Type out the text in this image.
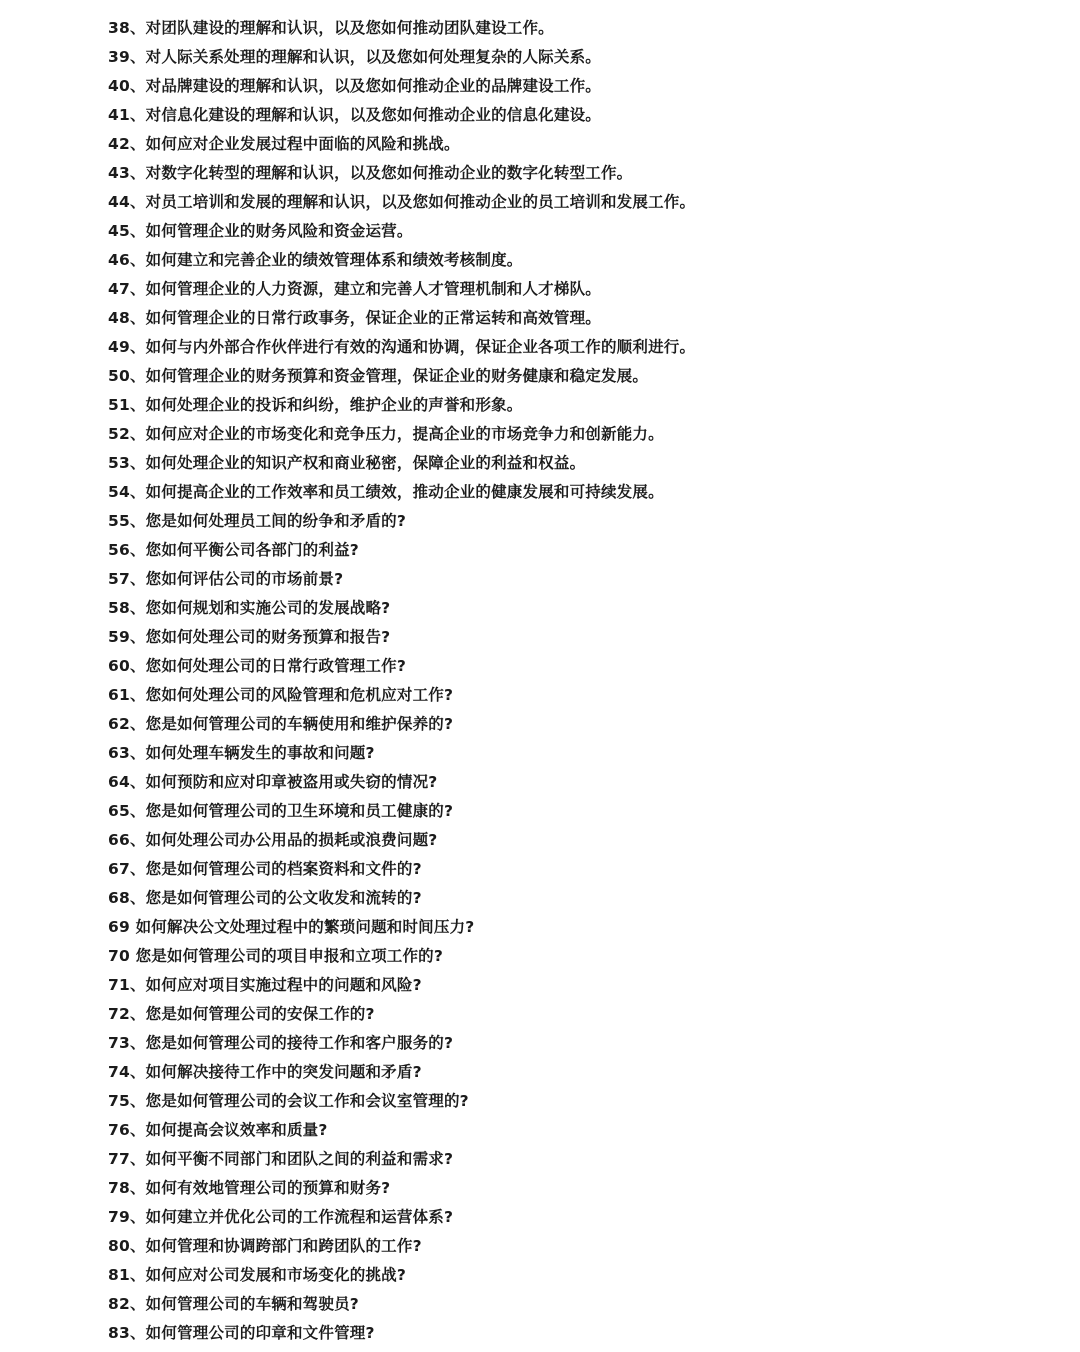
38、对团队建设的理解和认识，以及您如何推动团队建设工作。
39、对人际关系处理的理解和认识，以及您如何处理复杂的人际关系。
40、对品牌建设的理解和认识，以及您如何推动企业的品牌建设工作。
41、对信息化建设的理解和认识，以及您如何推动企业的信息化建设。
42、如何应对企业发展过程中面临的风险和挑战。
43、对数字化转型的理解和认识，以及您如何推动企业的数字化转型工作。
44、对员工培训和发展的理解和认识，以及您如何推动企业的员工培训和发展工作。
45、如何管理企业的财务风险和资金运营。
46、如何建立和完善企业的绩效管理体系和绩效考核制度。
47、如何管理企业的人力资源，建立和完善人才管理机制和人才梯队。
48、如何管理企业的日常行政事务，保证企业的正常运转和高效管理。
49、如何与内外部合作伙伴进行有效的沟通和协调，保证企业各项工作的顺利进行。
50、如何管理企业的财务预算和资金管理，保证企业的财务健康和稳定发展。
51、如何处理企业的投诉和纠纷，维护企业的声誉和形象。
52、如何应对企业的市场变化和竞争压力，提高企业的市场竞争力和创新能力。
53、如何处理企业的知识产权和商业秘密，保障企业的利益和权益。
54、如何提高企业的工作效率和员工绩效，推动企业的健康发展和可持续发展。
55、您是如何处理员工间的纷争和矛盾的?
56、您如何平衡公司各部门的利益?
57、您如何评估公司的市场前景?
58、您如何规划和实施公司的发展战略?
59、您如何处理公司的财务预算和报告?
60、您如何处理公司的日常行政管理工作?
61、您如何处理公司的风险管理和危机应对工作?
62、您是如何管理公司的车辆使用和维护保养的?
63、如何处理车辆发生的事故和问题?
64、如何预防和应对印章被盗用或失窃的情况?
65、您是如何管理公司的卫生环境和员工健康的?
66、如何处理公司办公用品的损耗或浪费问题?
67、您是如何管理公司的档案资料和文件的?
68、您是如何管理公司的公文收发和流转的?
69 如何解决公文处理过程中的繁琐问题和时间压力?
70 您是如何管理公司的项目申报和立项工作的?
71、如何应对项目实施过程中的问题和风险?
72、您是如何管理公司的安保工作的?
73、您是如何管理公司的接待工作和客户服务的?
74、如何解决接待工作中的突发问题和矛盾?
75、您是如何管理公司的会议工作和会议室管理的?
76、如何提高会议效率和质量?
77、如何平衡不同部门和团队之间的利益和需求?
78、如何有效地管理公司的预算和财务?
79、如何建立并优化公司的工作流程和运营体系?
80、如何管理和协调跨部门和跨团队的工作?
81、如何应对公司发展和市场变化的挑战?
82、如何管理公司的车辆和驾驶员?
83、如何管理公司的印章和文件管理?
